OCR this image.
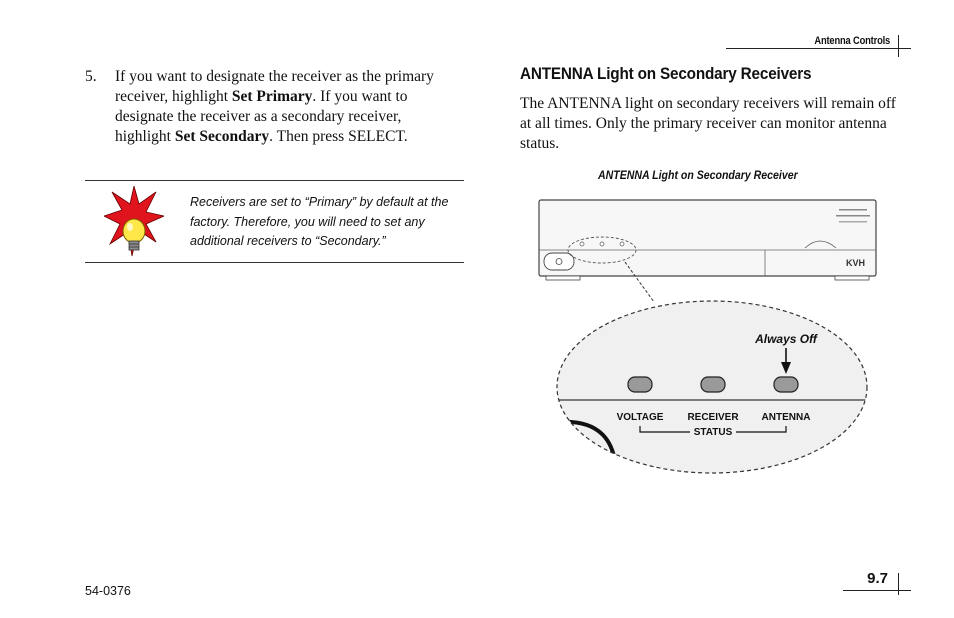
Antenna Controls
5. If you want to designate the receiver as the primary receiver, highlight Set Primary. If you want to designate the receiver as a secondary receiver, highlight Set Secondary. Then press SELECT.
Receivers are set to “Primary” by default at the factory. Therefore, you will need to set any additional receivers to “Secondary.”
ANTENNA Light on Secondary Receivers
The ANTENNA light on secondary receivers will remain off at all times. Only the primary receiver can monitor antenna status.
ANTENNA Light on Secondary Receiver
KVH
Always Off
VOLTAGE RECEIVER ANTENNA
STATUS
54-0376
9.7
